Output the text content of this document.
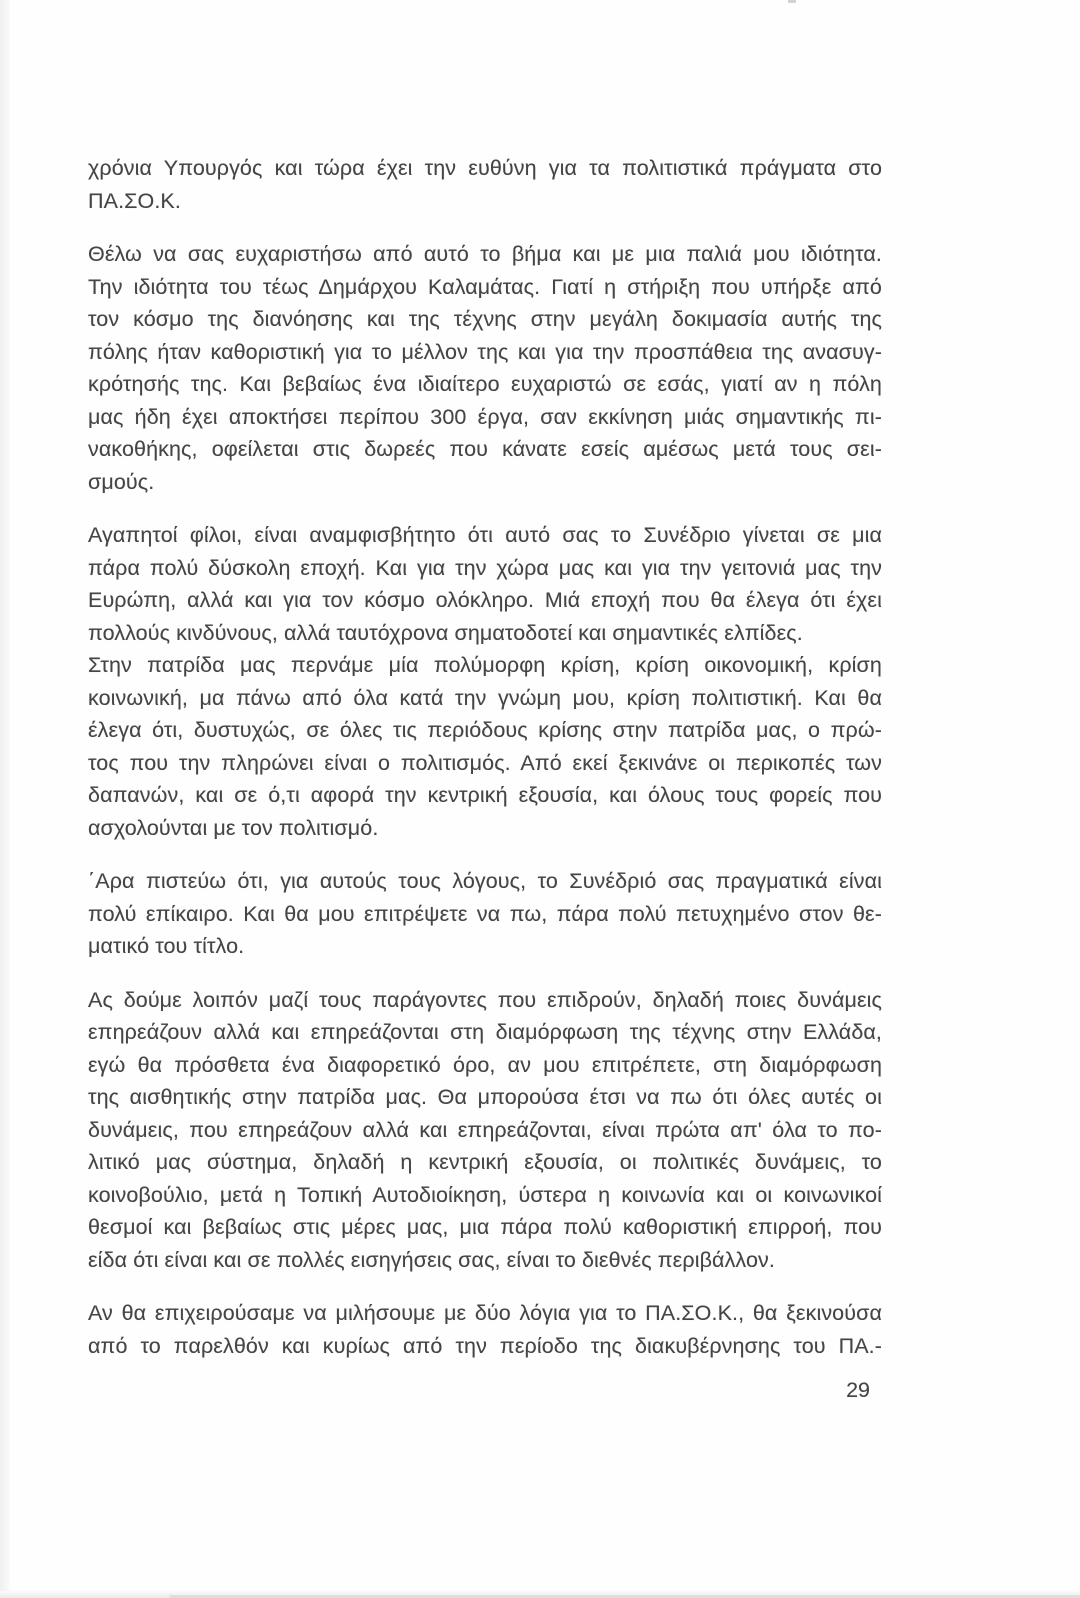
χρόνια Υπουργός και τώρα έχει την ευθύνη για τα πολιτιστικά πράγματα στο
ΠΑ.ΣΟ.Κ.
Θέλω να σας ευχαριστήσω από αυτό το βήμα και με μια παλιά μου ιδιότητα.
Την ιδιότητα του τέως Δημάρχου Καλαμάτας. Γιατί η στήριξη που υπήρξε από
τον κόσμο της διανόησης και της τέχνης στην μεγάλη δοκιμασία αυτής της
πόλης ήταν καθοριστική για το μέλλον της και για την προσπάθεια της ανασυγ-
κρότησής της. Και βεβαίως ένα ιδιαίτερο ευχαριστώ σε εσάς, γιατί αν η πόλη
μας ήδη έχει αποκτήσει περίπου 300 έργα, σαν εκκίνηση μιάς σημαντικής πι-
νακοθήκης, οφείλεται στις δωρεές που κάνατε εσείς αμέσως μετά τους σει-
σμούς.
Αγαπητοί φίλοι, είναι αναμφισβήτητο ότι αυτό σας το Συνέδριο γίνεται σε μια
πάρα πολύ δύσκολη εποχή. Και για την χώρα μας και για την γειτονιά μας την
Ευρώπη, αλλά και για τον κόσμο ολόκληρο. Μιά εποχή που θα έλεγα ότι έχει
πολλούς κινδύνους, αλλά ταυτόχρονα σηματοδοτεί και σημαντικές ελπίδες.
Στην πατρίδα μας περνάμε μία πολύμορφη κρίση, κρίση οικονομική, κρίση
κοινωνική, μα πάνω από όλα κατά την γνώμη μου, κρίση πολιτιστική. Και θα
έλεγα ότι, δυστυχώς, σε όλες τις περιόδους κρίσης στην πατρίδα μας, ο πρώ-
τος που την πληρώνει είναι ο πολιτισμός. Από εκεί ξεκινάνε οι περικοπές των
δαπανών, και σε ό,τι αφορά την κεντρική εξουσία, και όλους τους φορείς που
ασχολούνται με τον πολιτισμό.
΄Αρα πιστεύω ότι, για αυτούς τους λόγους, το Συνέδριό σας πραγματικά είναι
πολύ επίκαιρο. Και θα μου επιτρέψετε να πω, πάρα πολύ πετυχημένο στον θε-
ματικό του τίτλο.
Ας δούμε λοιπόν μαζί τους παράγοντες που επιδρούν, δηλαδή ποιες δυνάμεις
επηρεάζουν αλλά και επηρεάζονται στη διαμόρφωση της τέχνης στην Ελλάδα,
εγώ θα πρόσθετα ένα διαφορετικό όρο, αν μου επιτρέπετε, στη διαμόρφωση
της αισθητικής στην πατρίδα μας. Θα μπορούσα έτσι να πω ότι όλες αυτές οι
δυνάμεις, που επηρεάζουν αλλά και επηρεάζονται, είναι πρώτα απ' όλα το πο-
λιτικό μας σύστημα, δηλαδή η κεντρική εξουσία, οι πολιτικές δυνάμεις, το
κοινοβούλιο, μετά η Τοπική Αυτοδιοίκηση, ύστερα η κοινωνία και οι κοινωνικοί
θεσμοί και βεβαίως στις μέρες μας, μια πάρα πολύ καθοριστική επιρροή, που
είδα ότι είναι και σε πολλές εισηγήσεις σας, είναι το διεθνές περιβάλλον.
Αν θα επιχειρούσαμε να μιλήσουμε με δύο λόγια για το ΠΑ.ΣΟ.Κ., θα ξεκινούσα
από το παρελθόν και κυρίως από την περίοδο της διακυβέρνησης του ΠΑ.-
29
